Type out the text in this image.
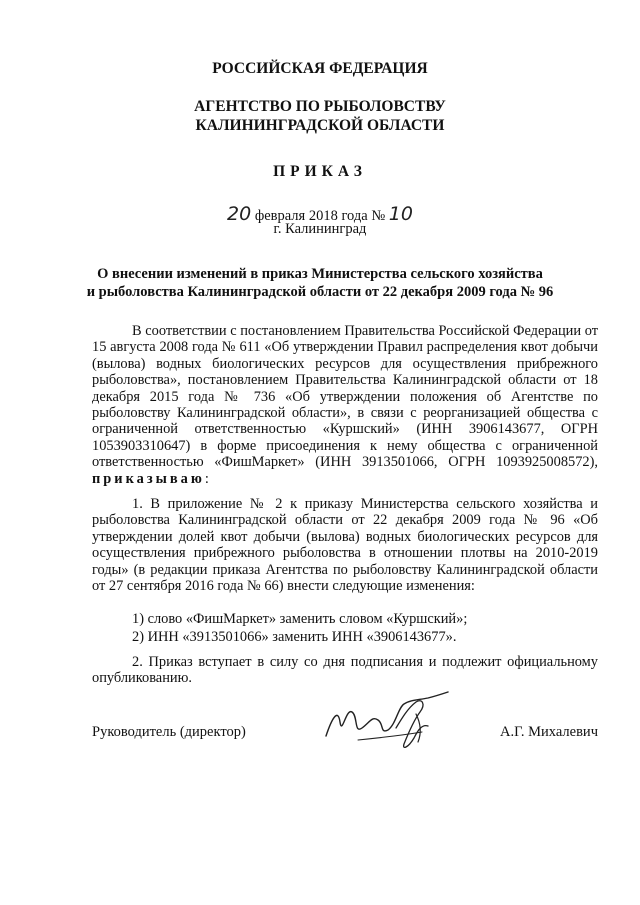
РОССИЙСКАЯ ФЕДЕРАЦИЯ
АГЕНТСТВО ПО РЫБОЛОВСТВУ
КАЛИНИНГРАДСКОЙ ОБЛАСТИ
ПРИКАЗ
20 февраля 2018 года № 10
г. Калининград
О внесении изменений в приказ Министерства сельского хозяйства
и рыболовства Калининградской области от 22 декабря 2009 года № 96
В соответствии с постановлением Правительства Российской Федерации от 15 августа 2008 года № 611 «Об утверждении Правил распределения квот добычи (вылова) водных биологических ресурсов для осуществления прибрежного рыболовства», постановлением Правительства Калининградской области от 18 декабря 2015 года № 736 «Об утверждении положения об Агентстве по рыболовству Калининградской области», в связи с реорганизацией общества с ограниченной ответственностью «Куршский» (ИНН 3906143677, ОГРН 1053903310647) в форме присоединения к нему общества с ограниченной ответственностью «ФишМаркет» (ИНН 3913501066, ОГРН 1093925008572), приказываю:
1. В приложение № 2 к приказу Министерства сельского хозяйства и рыболовства Калининградской области от 22 декабря 2009 года № 96 «Об утверждении долей квот добычи (вылова) водных биологических ресурсов для осуществления прибрежного рыболовства в отношении плотвы на 2010-2019 годы» (в редакции приказа Агентства по рыболовству Калининградской области от 27 сентября 2016 года № 66) внести следующие изменения:
1) слово «ФишМаркет» заменить словом «Куршский»;
2) ИНН «3913501066» заменить ИНН «3906143677».
2. Приказ вступает в силу со дня подписания и подлежит официальному опубликованию.
Руководитель (директор)	А.Г. Михалевич
